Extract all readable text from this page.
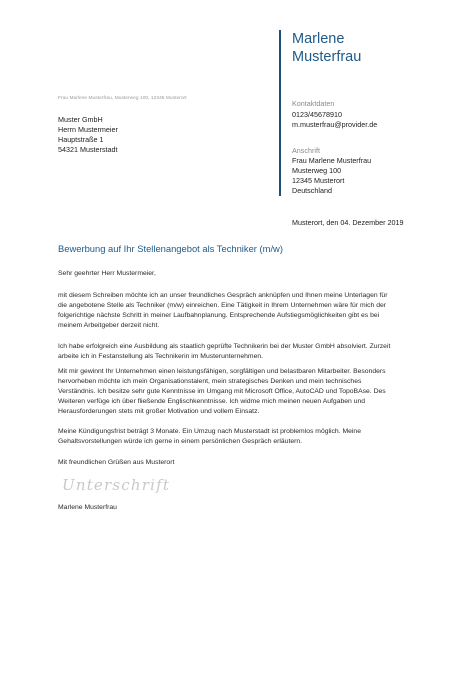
Marlene
Musterfrau
Kontaktdaten
0123/45678910
m.musterfrau@provider.de
Anschrift
Frau Marlene Musterfrau
Musterweg 100
12345 Musterort
Deutschland
Frau Marlene Musterfrau, Musterweg 100, 12345 Musterort
Muster GmbH
Herrn Mustermeier
Hauptstraße 1
54321 Musterstadt
Musterort, den 04. Dezember 2019
Bewerbung auf Ihr Stellenangebot als Techniker (m/w)
Sehr geehrter Herr Mustermeier,
mit diesem Schreiben möchte ich an unser freundliches Gespräch anknüpfen und Ihnen meine Unterlagen für
die angebotene Stelle als Techniker (m/w) einreichen. Eine Tätigkeit in Ihrem Unternehmen wäre für mich der
folgerichtige nächste Schritt in meiner Laufbahnplanung. Entsprechende Aufstiegsmöglichkeiten gibt es bei
meinem Arbeitgeber derzeit nicht.
Ich habe erfolgreich eine Ausbildung als staatlich geprüfte Technikerin bei der Muster GmbH absolviert. Zurzeit
arbeite ich in Festanstellung als Technikerin im Musterunternehmen.
Mit mir gewinnt Ihr Unternehmen einen leistungsfähigen, sorgfältigen und belastbaren Mitarbeiter. Besonders
hervorheben möchte ich mein Organisationstalent, mein strategisches Denken und mein technisches
Verständnis. Ich besitze sehr gute Kenntnisse im Umgang mit Microsoft Office, AutoCAD und TopoBAse. Des
Weiteren verfüge ich über fließende Englischkenntnisse. Ich widme mich meinen neuen Aufgaben und
Herausforderungen stets mit großer Motivation und vollem Einsatz.
Meine Kündigungsfrist beträgt 3 Monate. Ein Umzug nach Musterstadt ist problemlos möglich. Meine
Gehaltsvorstellungen würde ich gerne in einem persönlichen Gespräch erläutern.
Mit freundlichen Grüßen aus Musterort
Unterschrift
Marlene Musterfrau
